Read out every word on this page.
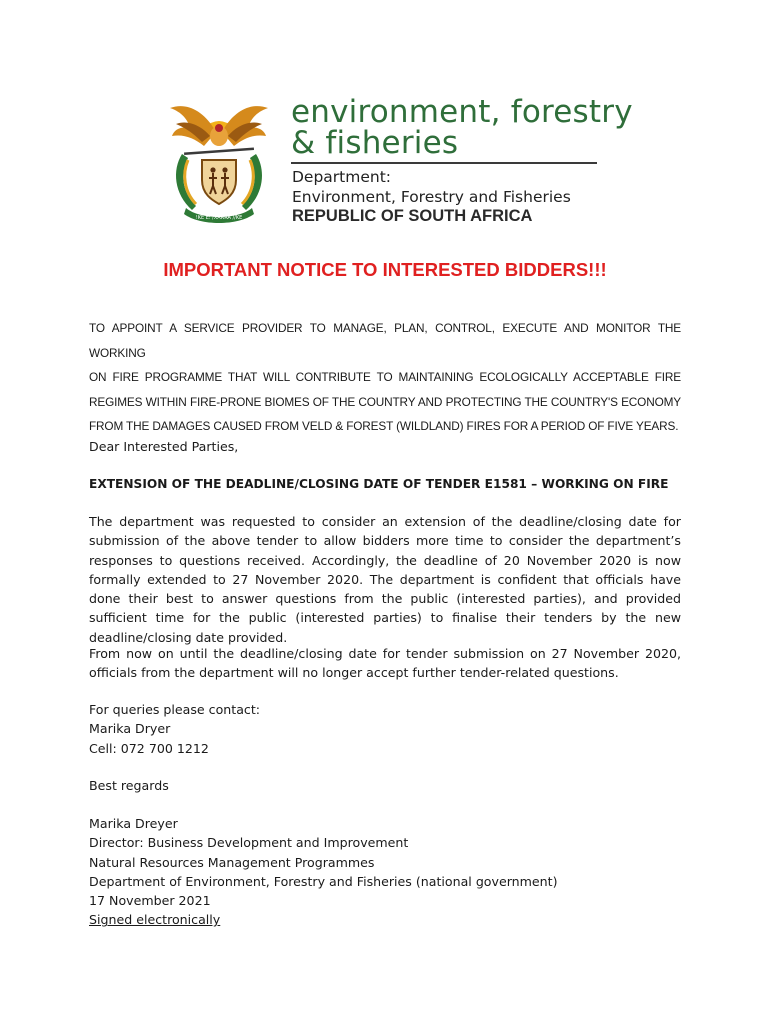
!KE E: /XARRA //KE
environment, forestry
& fisheries
Department:
Environment, Forestry and Fisheries
REPUBLIC OF SOUTH AFRICA
IMPORTANT NOTICE TO INTERESTED BIDDERS!!!
TO APPOINT A SERVICE PROVIDER TO MANAGE, PLAN, CONTROL, EXECUTE AND MONITOR THE WORKING
ON FIRE PROGRAMME THAT WILL CONTRIBUTE TO MAINTAINING ECOLOGICALLY ACCEPTABLE FIRE
REGIMES WITHIN FIRE-PRONE BIOMES OF THE COUNTRY AND PROTECTING THE COUNTRY'S ECONOMY
FROM THE DAMAGES CAUSED FROM VELD & FOREST (WILDLAND) FIRES FOR A PERIOD OF FIVE YEARS.
Dear Interested Parties,
EXTENSION OF THE DEADLINE/CLOSING DATE OF TENDER E1581 – WORKING ON FIRE
The department was requested to consider an extension of the deadline/closing date for submission of the above tender to allow bidders more time to consider the department’s responses to questions received. Accordingly, the deadline of 20 November 2020 is now formally extended to 27 November 2020. The department is confident that officials have done their best to answer questions from the public (interested parties), and provided sufficient time for the public (interested parties) to finalise their tenders by the new deadline/closing date provided.
From now on until the deadline/closing date for tender submission on 27 November 2020, officials from the department will no longer accept further tender-related questions.
For queries please contact:
Marika Dryer
Cell: 072 700 1212
Best regards
Marika Dreyer
Director: Business Development and Improvement
Natural Resources Management Programmes
Department of Environment, Forestry and Fisheries (national government)
17 November 2021
Signed electronically
